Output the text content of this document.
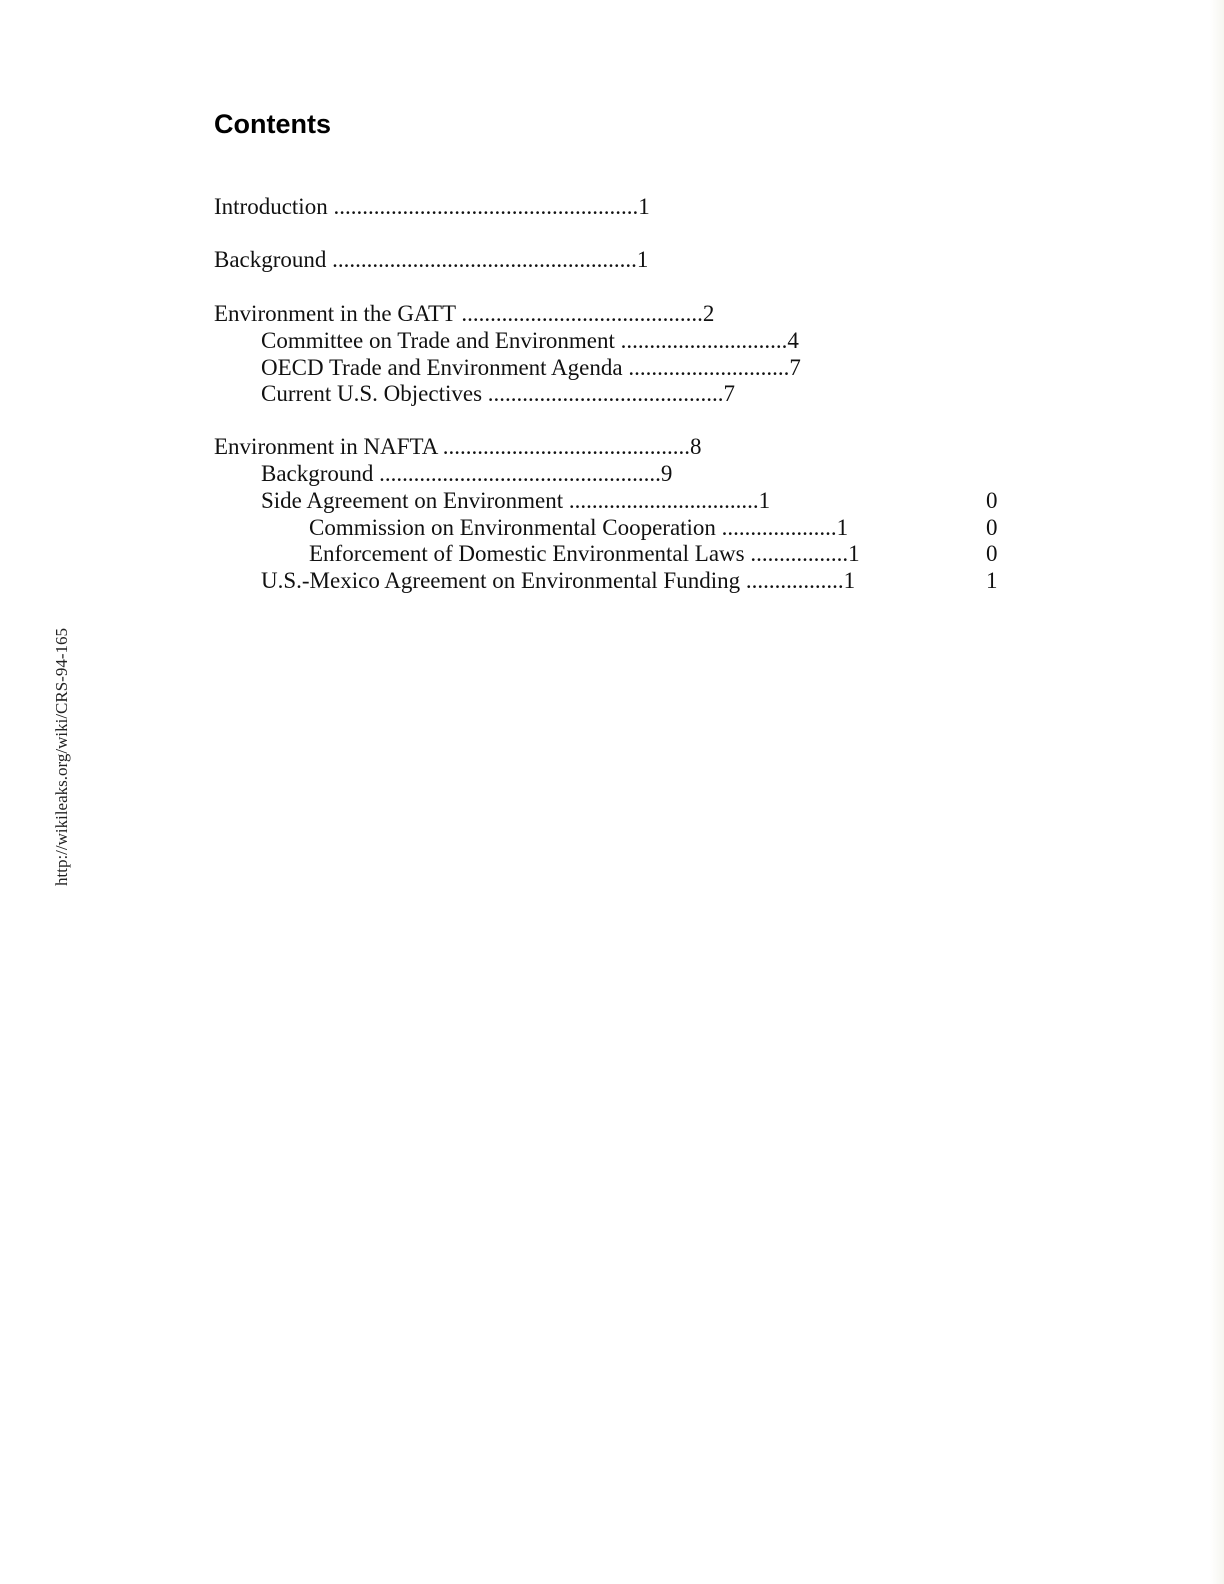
Contents
Introduction .....................................................1
Background .....................................................1
Environment in the GATT ..........................................2
Committee on Trade and Environment .............................4
OECD Trade and Environment Agenda ............................7
Current U.S. Objectives .........................................7
Environment in NAFTA ...........................................8
Background .................................................9
Side Agreement on Environment .................................1	0
Commission on Environmental Cooperation ....................1	0
Enforcement of Domestic Environmental Laws .................1	0
U.S.-Mexico Agreement on Environmental Funding .................1	1
http://wikileaks.org/wiki/CRS-94-165
